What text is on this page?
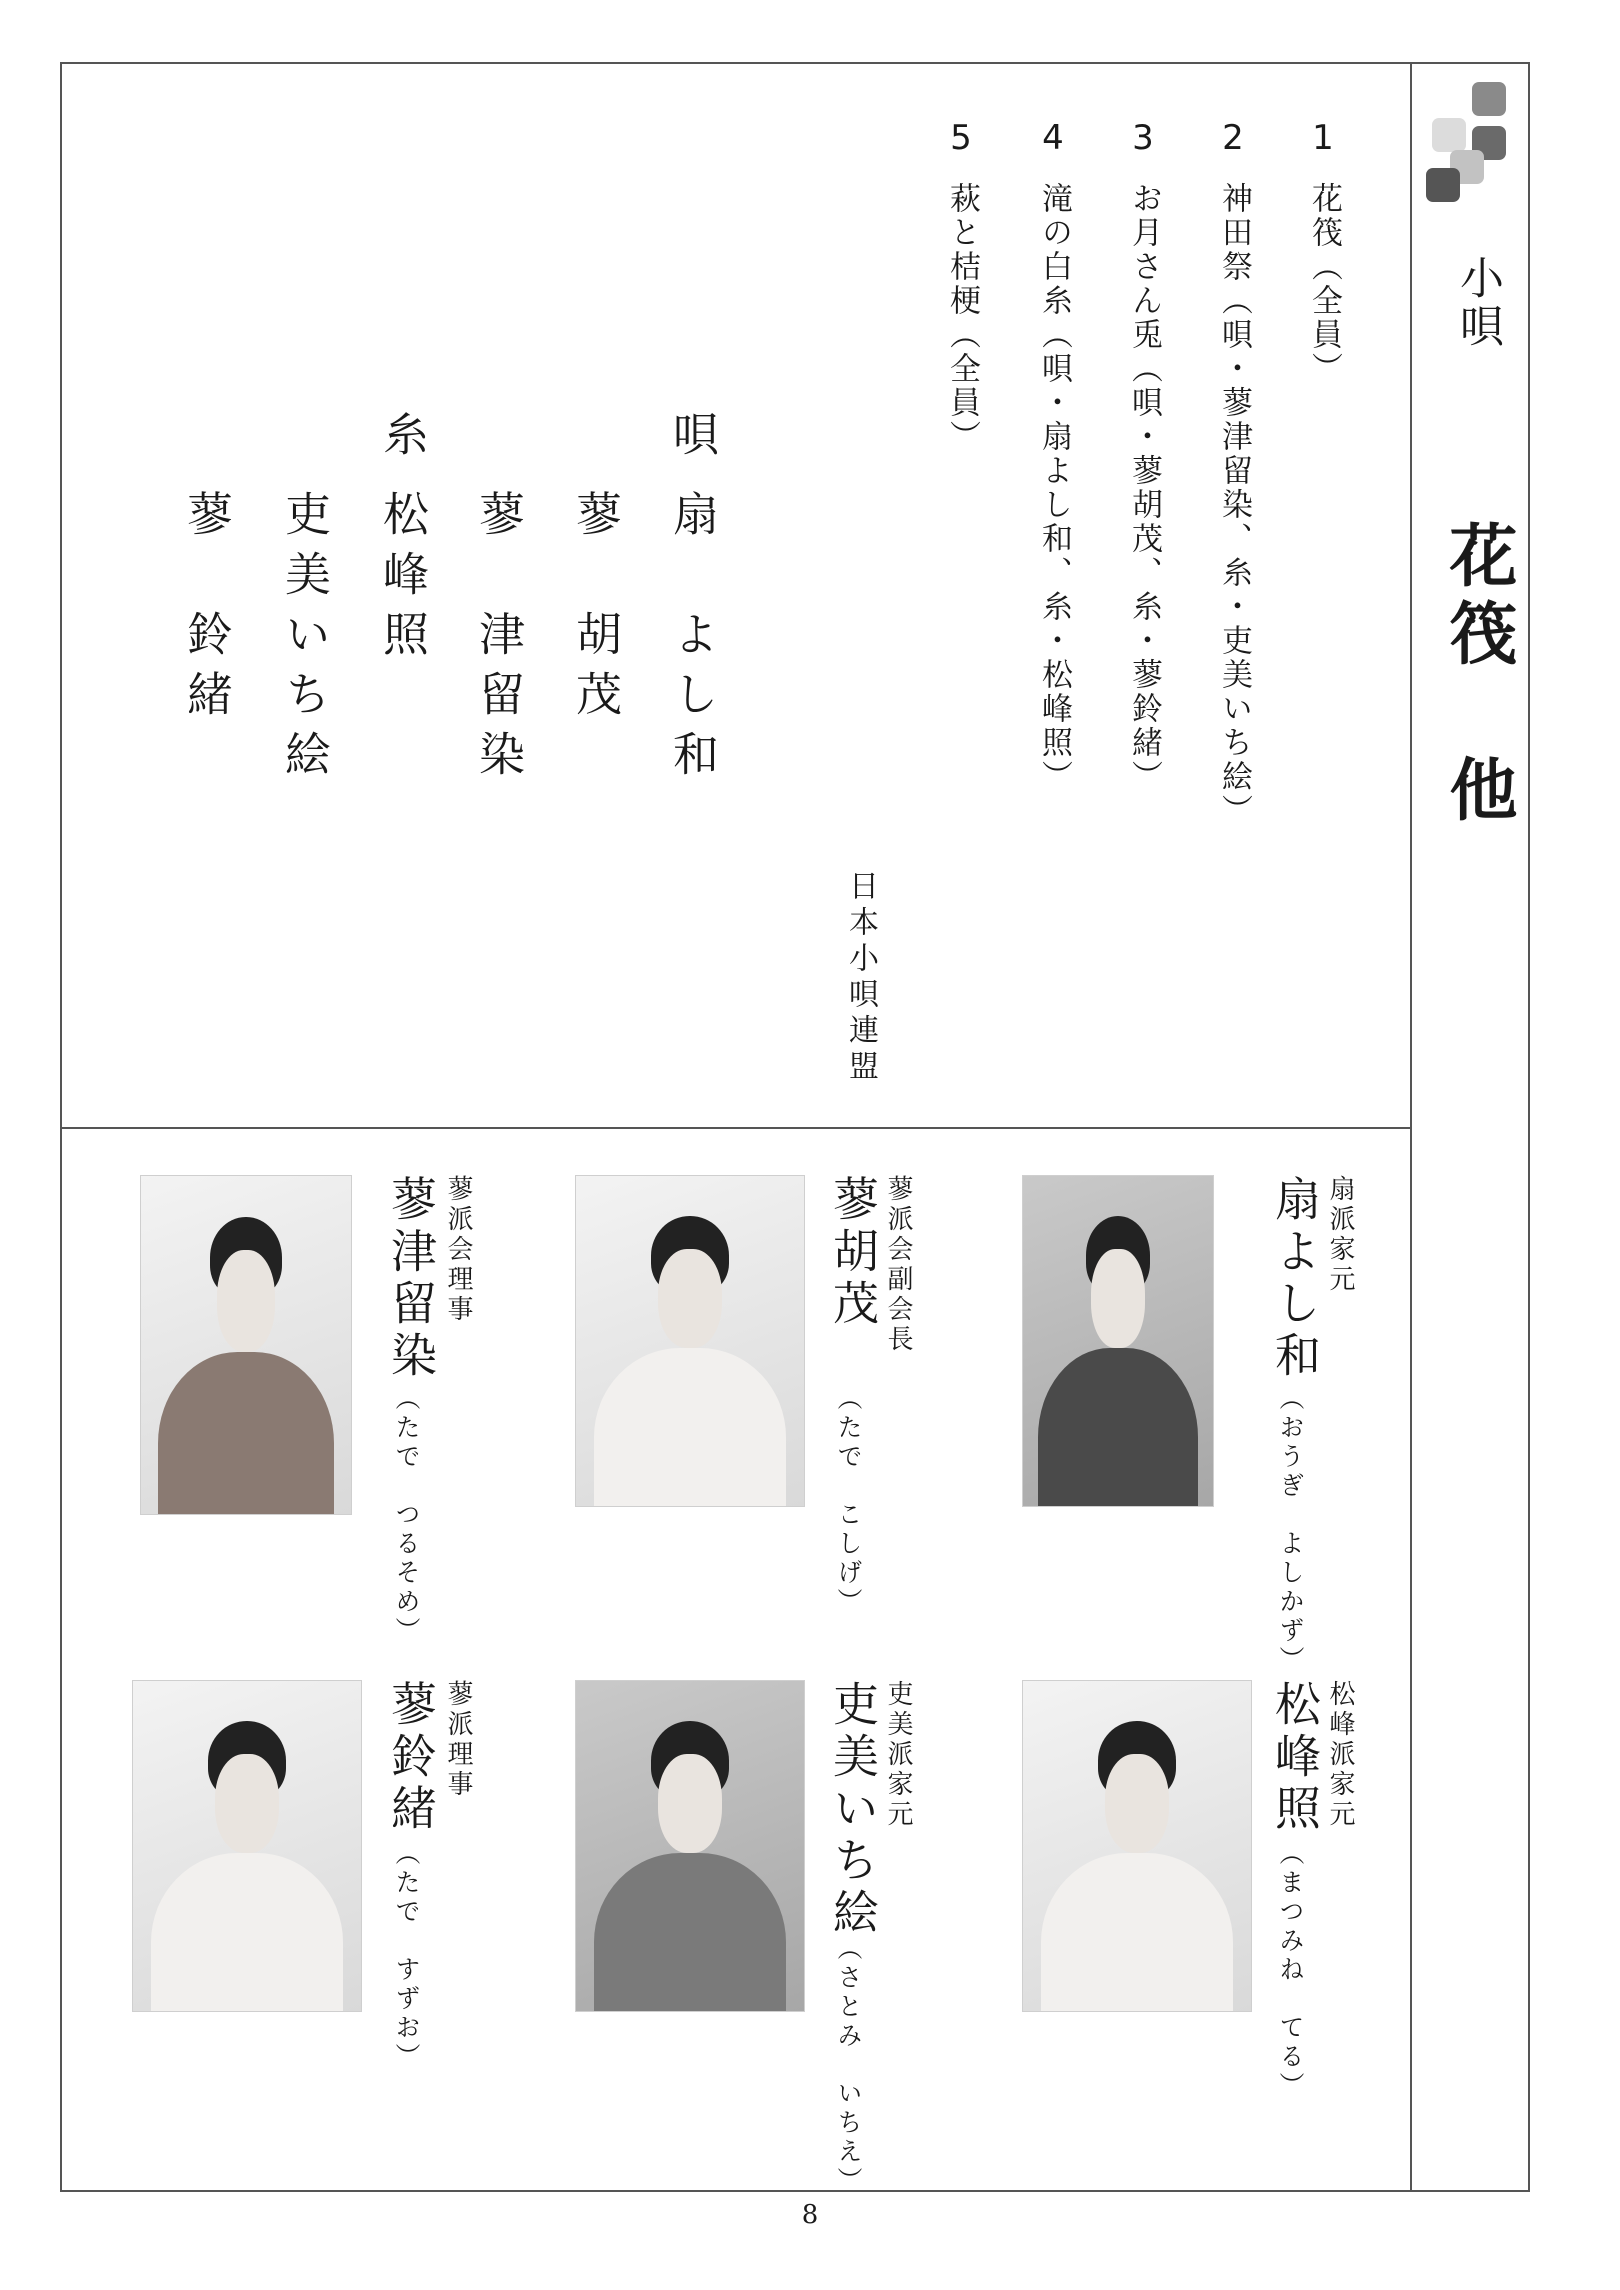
小唄
花筏　他
1
花筏（全員）
2
神田祭（唄・蓼津留染、糸・吏美いち絵）
3
お月さん兎（唄・蓼胡茂、糸・蓼鈴緒）
4
滝の白糸（唄・扇よし和、糸・松峰照）
5
萩と桔梗（全員）
日本小唄連盟
唄
扇　よし和
蓼　胡茂
蓼　津留染
糸
松峰照
吏美いち絵
蓼　鈴緒
扇派家元
扇よし和
（おうぎ　よしかず）
蓼派会副会長
蓼胡茂
（たで　こしげ）
蓼派会理事
蓼津留染
（たで　つるそめ）
松峰派家元
松峰照
（まつみね　てる）
吏美派家元
吏美いち絵
（さとみ　いちえ）
蓼派理事
蓼鈴緒
（たで　すずお）
8
